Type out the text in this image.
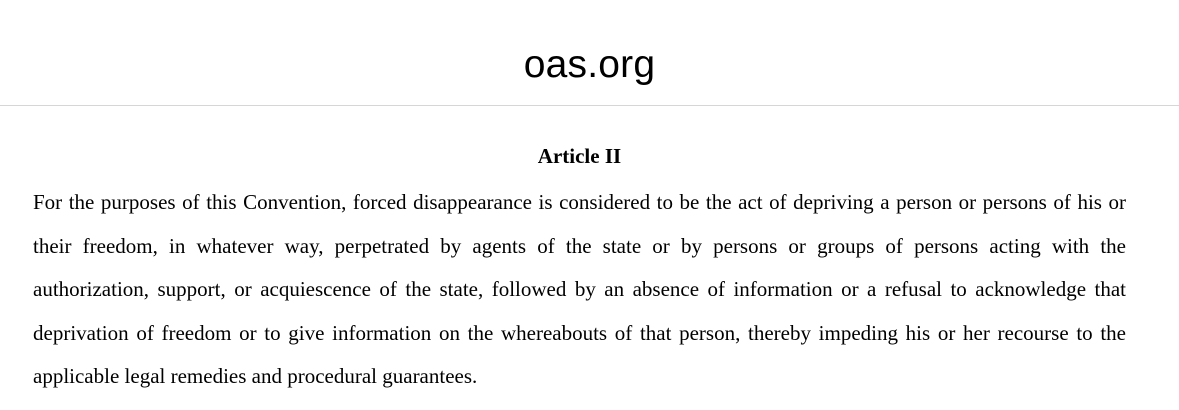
oas.org
Article II

For the purposes of this Convention, forced disappearance is considered to be the act of depriving a person or persons of his or their freedom, in whatever way, perpetrated by agents of the state or by persons or groups of persons acting with the authorization, support, or acquiescence of the state, followed by an absence of information or a refusal to acknowledge that deprivation of freedom or to give information on the whereabouts of that person, thereby impeding his or her recourse to the applicable legal remedies and procedural guarantees.
